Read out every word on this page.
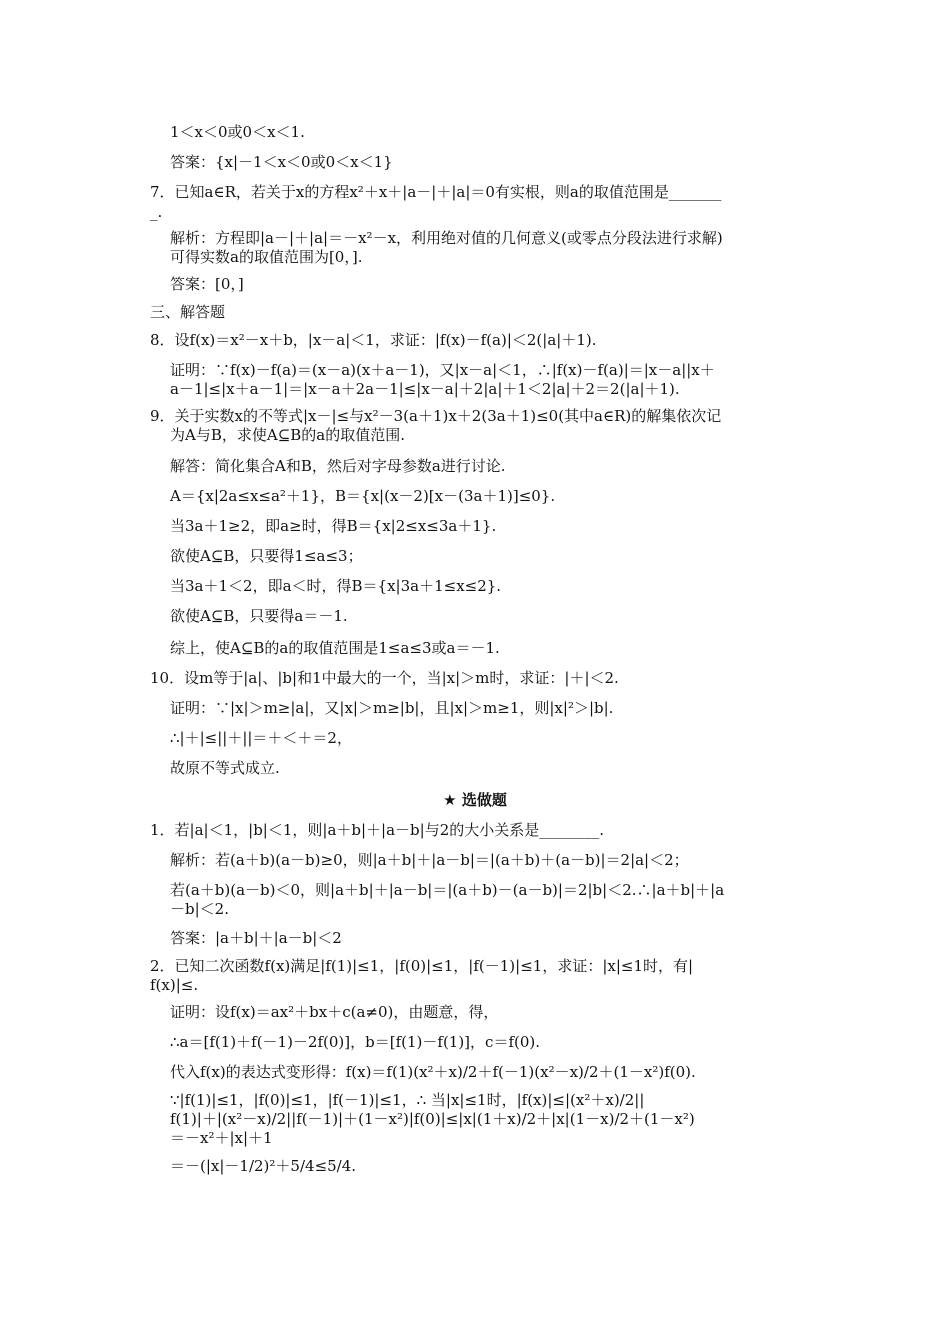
★ 选做题
1＜x＜0或0＜x＜1.
答案：{x|－1＜x＜0或0＜x＜1}
7．已知a∈R，若关于x的方程x²＋x＋|a－|＋|a|＝0有实根，则a的取值范围是_______
_.
解析：方程即|a－|＋|a|＝－x²－x，利用绝对值的几何意义(或零点分段法进行求解)
可得实数a的取值范围为[0，].
答案：[0，]
三、解答题
8．设f(x)＝x²－x＋b，|x－a|＜1，求证：|f(x)－f(a)|＜2(|a|＋1).
证明：∵f(x)－f(a)＝(x－a)(x＋a－1)，又|x－a|＜1，∴|f(x)－f(a)|＝|x－a||x＋
a－1|≤|x＋a－1|＝|x－a＋2a－1|≤|x－a|＋2|a|＋1＜2|a|＋2＝2(|a|＋1).
9．关于实数x的不等式|x－|≤与x²－3(a＋1)x＋2(3a＋1)≤0(其中a∈R)的解集依次记
为A与B，求使A⊆B的a的取值范围.
解答：简化集合A和B，然后对字母参数a进行讨论.
A＝{x|2a≤x≤a²＋1}，B＝{x|(x－2)[x－(3a＋1)]≤0}.
当3a＋1≥2，即a≥时，得B＝{x|2≤x≤3a＋1}.
欲使A⊆B，只要得1≤a≤3；
当3a＋1＜2，即a＜时，得B＝{x|3a＋1≤x≤2}.
欲使A⊆B，只要得a＝－1.
综上，使A⊆B的a的取值范围是1≤a≤3或a＝－1.
10．设m等于|a|、|b|和1中最大的一个，当|x|＞m时，求证：|＋|＜2.
证明：∵|x|＞m≥|a|，又|x|＞m≥|b|，且|x|＞m≥1，则|x|²＞|b|.
∴|＋|≤||＋||＝＋＜＋＝2，
故原不等式成立.
1．若|a|＜1，|b|＜1，则|a＋b|＋|a－b|与2的大小关系是________.
解析：若(a＋b)(a－b)≥0，则|a＋b|＋|a－b|＝|(a＋b)＋(a－b)|＝2|a|＜2；
若(a＋b)(a－b)＜0，则|a＋b|＋|a－b|＝|(a＋b)－(a－b)|＝2|b|＜2.∴|a＋b|＋|a
－b|＜2.
答案：|a＋b|＋|a－b|＜2
2．已知二次函数f(x)满足|f(1)|≤1，|f(0)|≤1，|f(－1)|≤1，求证：|x|≤1时，有|
f(x)|≤.
证明：设f(x)＝ax²＋bx＋c(a≠0)，由题意，得，
∴a＝[f(1)＋f(－1)－2f(0)]，b＝[f(1)－f(1)]，c＝f(0).
代入f(x)的表达式变形得：f(x)＝f(1)(x²＋x)/2＋f(－1)(x²－x)/2＋(1－x²)f(0).
∵|f(1)|≤1，|f(0)|≤1，|f(－1)|≤1，∴ 当|x|≤1时，|f(x)|≤|(x²＋x)/2||
f(1)|＋|(x²－x)/2||f(－1)|＋(1－x²)|f(0)|≤|x|(1＋x)/2＋|x|(1－x)/2＋(1－x²)
＝－x²＋|x|＋1
＝－(|x|－1/2)²＋5/4≤5/4.
